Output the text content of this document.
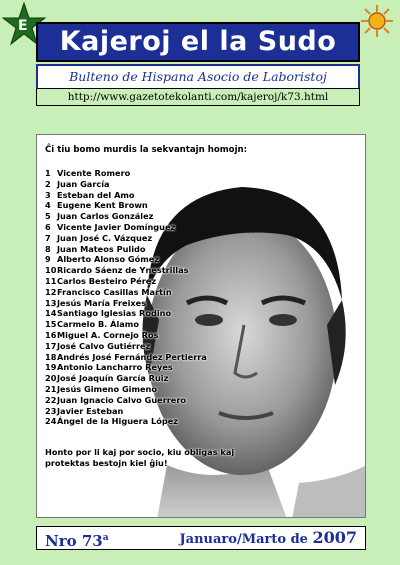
E	Kajeroj el la Sudo
Bulteno de Hispana Asocio de Laboristoj
http://www.gazetotekolanti.com/kajeroj/k73.html
Ĉi tiu bomo murdis la sekvantajn homojn:
1 Vicente Romero
2 Juan García
3 Esteban del Amo
4 Eugene Kent Brown
5 Juan Carlos González
6 Vicente Javier Domínguez
7 Juan José C. Vázquez
8 Juan Mateos Pulido
9 Alberto Alonso Gómez
10Ricardo Sáenz de Ynestrillas
11Carlos Besteiro Pérez
12Francisco Casillas Martín
13Jesús María Freixes
14Santiago Iglesias Rodino
15Carmelo B. Álamo
16Miguel A. Cornejo Ros
17José Calvo Gutiérrez
18Andrés José Fernández Pertierra
19Antonio Lancharro Reyes
20José Joaquín García Ruiz
21Jesús Gimeno Gimeno
22Juan Ignacio Calvo Guerrero
23Javier Esteban
24Ángel de la Higuera López
Honto por li kaj por socio, kiu obligas kaj protektas bestojn kiel ĝiu!
Nro 73$^a$	Januaro/Marto de 2007
